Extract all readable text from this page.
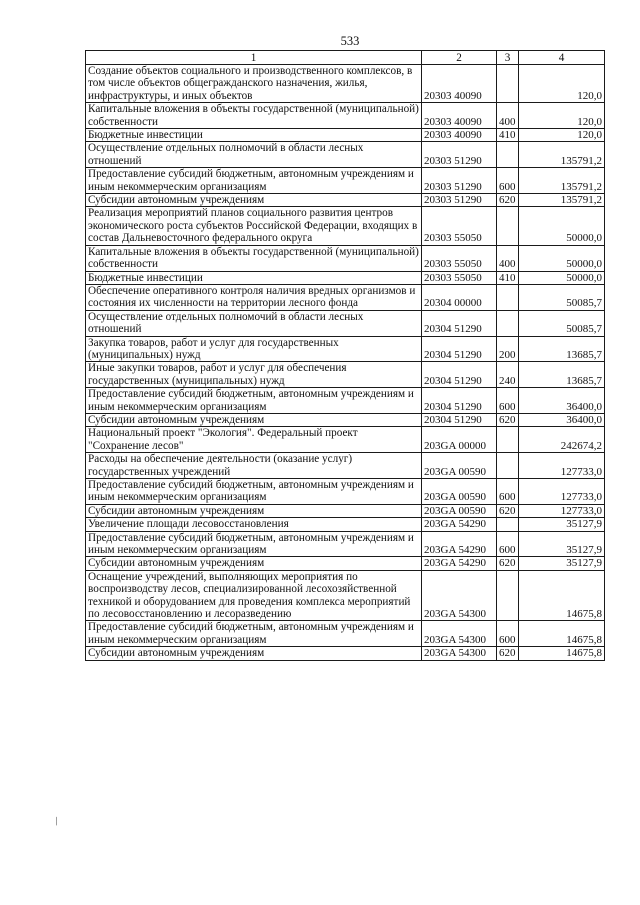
533
1	2	3	4
Создание объектов социального и производственного комплексов, в том числе объектов общегражданского назначения, жилья, инфраструктуры, и иных объектов	20303 40090		120,0
Капитальные вложения в объекты государственной (муниципальной) собственности	20303 40090	400	120,0
Бюджетные инвестиции	20303 40090	410	120,0
Осуществление отдельных полномочий в области лесных отношений	20303 51290		135791,2
Предоставление субсидий бюджетным, автономным учреждениям и иным некоммерческим организациям	20303 51290	600	135791,2
Субсидии автономным учреждениям	20303 51290	620	135791,2
Реализация мероприятий планов социального развития центров экономического роста субъектов Российской Федерации, входящих в состав Дальневосточного федерального округа	20303 55050		50000,0
Капитальные вложения в объекты государственной (муниципальной) собственности	20303 55050	400	50000,0
Бюджетные инвестиции	20303 55050	410	50000,0
Обеспечение оперативного контроля наличия вредных организмов и состояния их численности на территории лесного фонда	20304 00000		50085,7
Осуществление отдельных полномочий в области лесных отношений	20304 51290		50085,7
Закупка товаров, работ и услуг для государственных (муниципальных) нужд	20304 51290	200	13685,7
Иные закупки товаров, работ и услуг для обеспечения государственных (муниципальных) нужд	20304 51290	240	13685,7
Предоставление субсидий бюджетным, автономным учреждениям и иным некоммерческим организациям	20304 51290	600	36400,0
Субсидии автономным учреждениям	20304 51290	620	36400,0
Национальный проект "Экология". Федеральный проект "Сохранение лесов"	203GA 00000		242674,2
Расходы на обеспечение деятельности (оказание услуг) государственных учреждений	203GA 00590		127733,0
Предоставление субсидий бюджетным, автономным учреждениям и иным некоммерческим организациям	203GA 00590	600	127733,0
Субсидии автономным учреждениям	203GA 00590	620	127733,0
Увеличение площади лесовосстановления	203GA 54290		35127,9
Предоставление субсидий бюджетным, автономным учреждениям и иным некоммерческим организациям	203GA 54290	600	35127,9
Субсидии автономным учреждениям	203GA 54290	620	35127,9
Оснащение учреждений, выполняющих мероприятия по воспроизводству лесов, специализированной лесохозяйственной техникой и оборудованием для проведения комплекса мероприятий по лесовосстановлению и лесоразведению	203GA 54300		14675,8
Предоставление субсидий бюджетным, автономным учреждениям и иным некоммерческим организациям	203GA 54300	600	14675,8
Субсидии автономным учреждениям	203GA 54300	620	14675,8
/
